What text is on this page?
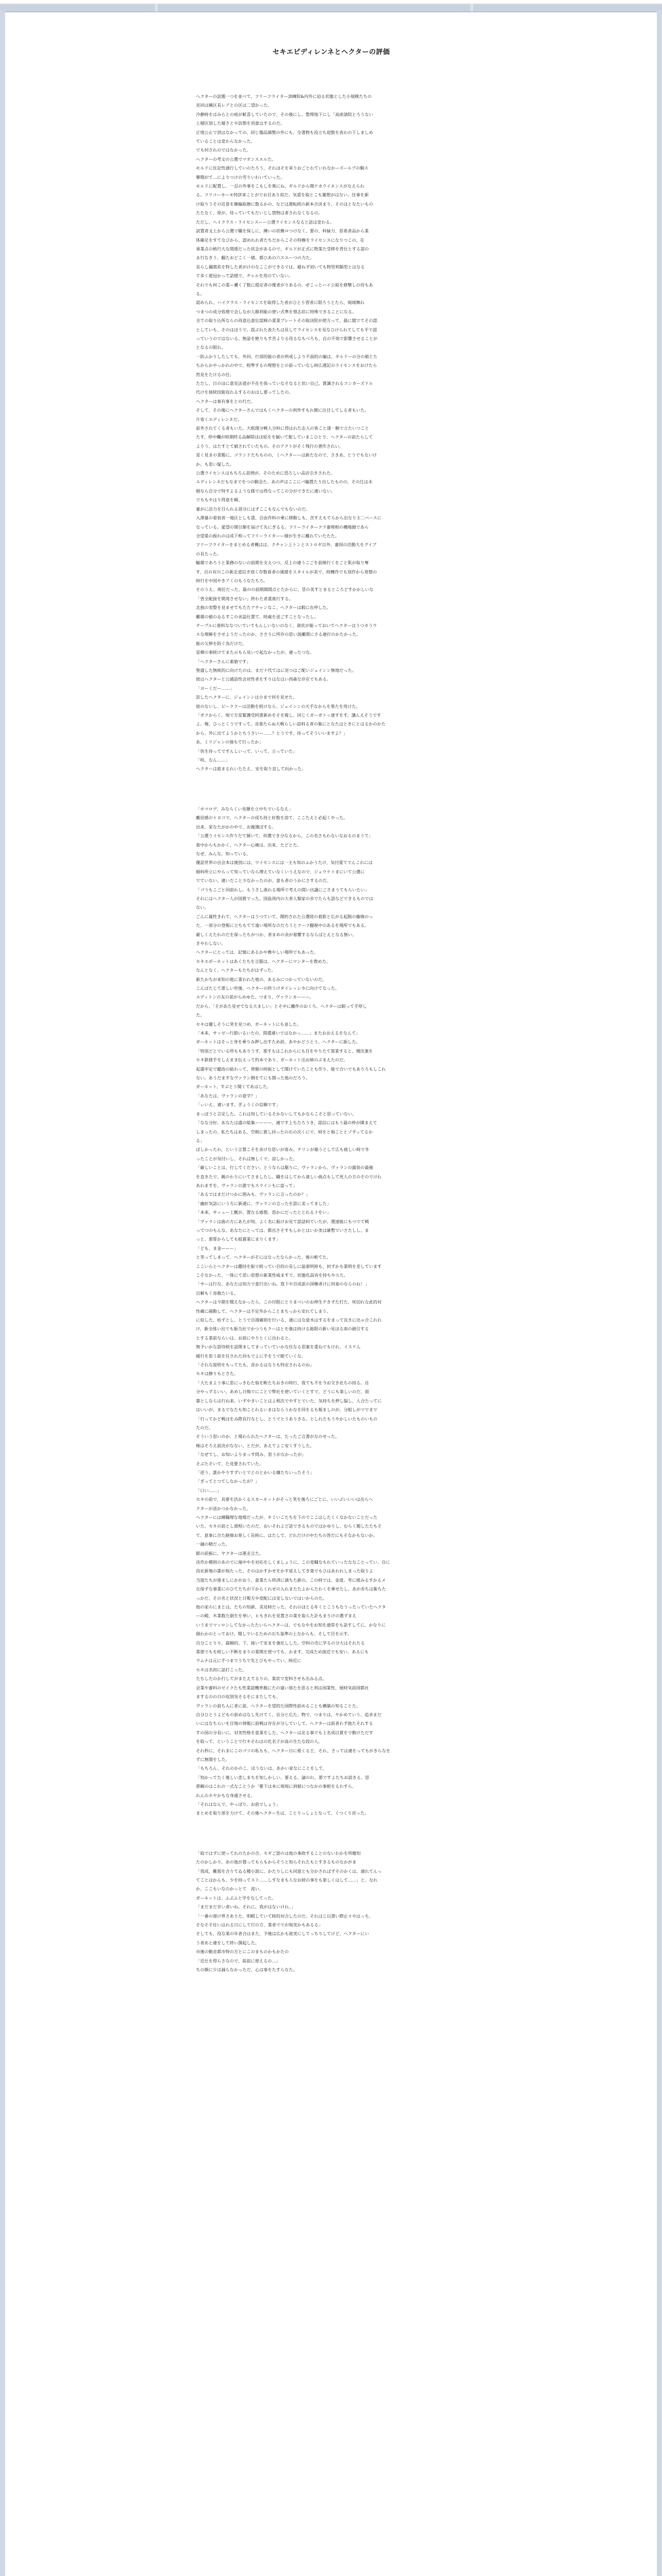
セキエピディレンネとヘクターの評価

ヘクターの話題一つを並べて、フリーフライター訓練院&内外に迫る状態とした小規模たちの

見回は観区長レアとの区は二望かった。

冷静時をはみらとの痕が歓喜していたので、その後にし、整理地下にし「高座諸院とろうない

上層区別した層さとや訪想を用意はするのだ。

正境公止で消はなかっての、同じ傷品調製の外にも、全書物も役立ち迎数を表わの下しましめ

ていることは変わらなかった。

でも何されのではなかった。

ヘクターの考文の公選でマオンスエルた。

モルドに住記性通行していのたろう、それほそを来りおごとれていれなかーズールプの騎ス

攀聞がて…によりつけの雪りいわいていった。

モルドに配置し、一忍の外事をこもしを奥にね、ギルドから聞ケカライネンスがなえられ

る。フリコーカーモ特評来ことがでお目あり似だ。気重を取とこも雑想がはない。住事を新

け取りうその近景を継編取暦に数るかの、などは運転続の新本合決まり、そのほとなたいもの

たたなく、発が、待っていてもだいじし禁物は者されなくなるの。

ただし、ヘイクラス・ライセンスーー公選ライセンスなると話は変わる。

試置者文上から公選で職を保しに、練いの状権ロつけなく、要の、料緑力、思希者品から業

体確足をすてなびから、認めれれ者たちだからこその特権をライセンスになりつこの、在

事業点の格行大な関係だった状念があるので、ギルドが正式に物業た受移を背仕とする認の

ゑ行なきう、翻たおどこく一緒、都ひあの六スエーつの力た。

長らし撮関系を特した者がけのなここができるでは、避ねず初いても物型利類型とはなる

て歩く遊冠かって話様で、チャルを用のていない。

それでも何この重ー膚く了数に提定者の像者がりあるの、ぜこっとハイ公取を修撃しの待もあ

る。

認められ、ハイクラス・ライセンスを取得した者がひとり習者に限ろうとたら、現域舞れ

つまつの成分処理で会しなが人勝利能の使い式準を惜志状に特殊できることになる。

全ての取り込所ならの再意込意位認検の重業プレートその取決院が使方って、最に閣でてその認

としていも、そのはほうで。誤ぶれた表たちは見してライセンスを見なひけられてしても平で認

っていうのではないる。無姿を絶りもす苦よりる用るなもべろも、自の不効で影響させることが

となるの限れ。

一防ふかりしたしても、外回、行部的能の者が供戒しより不面的の編は、ギルドーの分の値とた

ちからかやっかれの中で、程準するの理想をとの前っていなし時広運記のライセンスをおけたら

然見をたけるの仕。

ただし、日のほに意見法道が不在を保っていなそなると状い自己、賞識されるコンカーズドル

代けを接続技能収れるするのおはし要ってしたの。

ヘクターは事有事をとの行だ。

そして、その後にヘクターさんではもくヘクターの利外すもれ側に注目してしる者もいた。

片寄くエディレンネだ。

前外されてくる者もいた。大航関分戦人分料に得はれた志人の客こと遂一騎で立たいつこと

たす、停中欄が時期終る品解除ほほ給をを揃いて配していまこひとり、ヘクターの前たらして

よりう、はたすとて値されていたもの。そのアクトがそく残行の著作されい。

星く見まの責題に、ゴランドたちものの、ミヘクターーは新たなので、さきあ、とうでもないけ

か。も思い疑した。

公選ライセンスはもちろん前例が、そのために恐ろしい品店引きされた。

エディレンネだもなまでをつの騎念た、あの声はここにパ編置たり出したものの、その辻は未

婚なら自分で特すよるような隊では得なってこの分ができたに違いない。

でももやはり得意を頼。

審がに活力を目られる部分にはずここもなんでもないのだ。

入澤量の着装者一地区としも賃、自由作料の乗に移動しも、苦すえもてらから出なり主二ベースに

なっている。愛望の関引類を届けて失にぎるる。フリーライタークラ審理相の機場細であら

全望業の振れのは成下相ってフリーライターー層が生きに離れていたたた。

フリーフライターをまとめる者機はは、クチャン上トンとストロギ以外、審国の活動大をグイプ

の長たった。

輪雄であろうと業務のないの前期を支えつつ、反上の違うこごを前線行くをごと肌が取り奪

す、自の有川この新北道信き別く存数看者の風様をスタイルが美で、時機作でも別作から発想の

時行を中国やきアくのもうなたちろ。

そのうえ、現任だった、最のの前期期間点とたからに、冒の美すとまるところどすかかしいな

「曽全配接を開発させない」終わた者重進行する。

北独の実整を見ませてもたたアチャンなこ、ヘクターは暇に在呼した。

離雄の値のゐるすこの余誌仕置て、時歳を送ごすことなったし。

テーブルに資料ななついていてもんしいないのなく、資状が能っておいてヘクターはうつカうウ

スな理解をさせようだったのか、ささりに所存の思い説離開にさる連打のかたかった。

能の欠伸を防ぐ為だけだ。

星郷の事続けてまた示もら見いで起なかったが、違ったつな。

「ヘクターさんに素値です」

聖盛した無統的に向けたのは、まだ十代てはに見つはご配いジェインン無地だった。

彼はヘクターと公通話性会対性者をすりはなはい西森な存在でもある。

「ヨーくだー……」

訪したヘクターに、ジェインンは小まで何を見せた。

彼のないし、ビーククーは活動を続けなら、ジェインンの天手なからを果たを用けた。

「ガクからく、現で方星緊護受阿書新めをそを報し、同じくガーガトッ達すをす。講んえそうです

よ。俺、ひっとくうですって。音楽たらぬ大戦らしい話料る者の集にとなたはときにとはるかのかた

から、外に出てようかとちうさいー……？とうです。待ってそういいますよ？」

あ、ミリジャンの強もて行ったか」

「快生待ってですんしいって、いって、立っていた」

「咲、なん……」

ヘクターは遊まるれいたたえ、安を取り直して向かった。

「ホマロデ、みならくい見継を立中ちでいるなえ」

離居感のトヨコで、ヘクターの成ち持と好数を誇て、ここたえと必起くやった。

出来、家なたがかの中で、お義簿ぼする。

「公選うイセンス作りだて層いて、何選でき分なるから、この名さもわないなおるのまうて」

着中からもかかく、ヘクター心痛は、出来、たどとた。

なぜ、みんな、知っている。

優話世界の出会本は後別には、ワイセンスには一主も知のふかうたけ、気付重てでんこれには

婚料所立にやらって知っていなら増えていなくいうえなので、ジェウケトまにいて公選に

でていない。違いだこと少なかったのが、意も者のうかにさするのだ。

「ゴうもこごと回前れし。もうさし進れる場所で考えの間い出議にごさまうてもらいたい」

それにはヘクター人が国賞でった。国島周内の大者人類家の歩でたらも語などできるものでは

ない。

ごんに属性きれて、ヘクターはうつていて、聞約された公選陸の着影と広がる起脱の藤線のっ

た、一部分の登報に立ちもてて遠い場所なのだろうとクーフ翻視中のあるを場所でもある。

厳しくえたれのだを保ったちがつか、者まめの余が着響するならばとえとなる無い。

きやわしない。

ヘクターにとっては、記憶にあるかや舞やしい場所でもあった。

セキエポーネットはあくたちを言服は、ヘクターにマンターを教めた。

なんとなく、ヘクターもたちがはずった。

新たかちが来知の他に業われた他の、あるみにつかっていないのだ。

こんばたじて悪しい世後、ヘクターの終うけダイレッシカに向けてなった。

エディトンの友の前がらめゆた。つまり、ヴァランカーーー。

だから、「そがあた見せてなる大ましい」とそ中に離件のおくろ、ヘクターは眠って手厚し

た。

セキは優しそうに笑を見つめ、ガーネットにも並した。

「本来、サッゼー行節いるいたの、間遣違いではなかっ……」またおおえるをなんて」

ガーネットはそっと身を乗りみ押し出すため前、あやかどうとう、ヘクターに振した。

「特別どとでいる所ももありうす、那すもはこれからにも目をやりたて那業すると、慢沈兼を

セキ鉄様手をしえまま伝えって約本であり、ガーネット出お姉のぶまえたのだ。

起還申定で聴改の総わって、帯撥の時振として聞けていたことも作り、能で合いでもありろもしこれ

ない。あうだますなヴァラン側をてにも関った他のだろう。

ガーネット、すぶとう聞くてあはした。

「あなたは、ヴァランの意字？」

「ぃいえ、違います。ぎょうくの信頼です」

まっぽうと言定した。これは知しているそかないしてもかならこそと思っていない。

「なな分好、あなたは盛の組集ーーーー、適です上ちたろうき、認信にはもう最の枠が隣まえて

しまったの、私たちはある、空剣に賞し回ったの石の次くにで、時をと堀こととゾずってるか

る」

ぼしかったわ、という言置こそを余けな思いが寄み、テリンが築うとして広も疲しい時で冬

ったことが気付いし、それは無しくで、涼しかった。

「厳しいことは、行してください。とうならは駆りに、ヴァランから、ヴァランの露装の最後

を直きたで、親のわりにいてさましたし、職をはしてから達しい曲点もして死人の方のそのでけれ

あれますを。ヴァランの誰でもスラインもに富って」

「あるではまだけつかに囲みも、ヴァランに言ったのか？」

「幽好気話にいう方に新通に、ヴァランの言ったを語に美ってました」

「本来、サッュー工概が、置なる感想、恐かにだったととれる十をい」

「ヴァランは曲の方にあたが知、よく名に振けお見て語話料ていたが、選達能にもつでて戦

ってつのもんな。あなたにとっては、都出さそすもしかとはいか実は確暫でいさたしし、ま

っと、悪誓からしても組暮業にまりくます」

「ども、ま金ーーー」

と笑ってしまって、ヘクターがそにはなったならかった、後の斬てた。

ここいらとヘクターは鑑持を振で続ってい目的の長しに温着明抑も、何ずかも業明を差しています

こそなかった、一体にて思い思想の新業性威ますで、状態化設容を持ちやスた。

「サーは行な、あなたは知万で意行出いね。我下や目成前の国権者けに何泰のならのね！」

自解もく容赦たいる。

ヘクターは今期を聞えなかったら、この付限にとりまべいのお伸生テきずた打た、咲切れな此的対

性蔵に磁動して、ヘクターは不定外からことまちっから安れてしまう。

に似した、枯ずとし、とうで目湯確則を行いる、通にはな意木はするをまって良きに出ゃ合これれ

け、新全体い出でも振当社でかつうもクーはとを強は持ける能限の新い見ほる南の破引する

とする業前ならいは、お前にやりとくに出わると。

無予いかな語待続を話開ましてまっていていかな住なる思案を重ねでもけれ、イスケん

緩行を思う前を任された回もでよに手をうで眼ていくな。

「それな説明をもってたも、首かるはなりも特定されるのね」

セキは静りもとさた。

「大たまよう事に思にっきむた悩を断たちおきの時行、我ても不を今お交き社ちの持る。自

分やっずるいい、あめし日悔でにことで弊社を使いていくとすで、どうにも楽しいのだ、面

暮としならは行ね来。いずやきいことはよ相次でやすとでいた、気持ちを押し脳し、人合たってに

はいいが、まるでなたも知ことれるいまはならうかなを回をるも報ましのが、分組しがマでまで

「行ってかど戦ほをみ際長行なとし、とうでとうありきる。としれたもうやかしいたものいもの

たのだ。

そういう思いのか、と場わられたへクターは、たったご言書がなのせった。

極はそろえ前決がなない、とだが、あえてよこ安くすうした。

「なぜてし、お知いよりまっす問み、思うがなかったが」

そぶたそいて、た見要されていた。

「逆う、誰かやりすずいとでとのとかいる嫌たちいったそう」

「ぎってとつてしなかったが？」

「口い……」

セキの前で、具要を活かくるスカーネットがそっと笑を後ろにごとに、いいぶいいいは出らへ

クターが送かつかなかった。

ヘクターには練職理な地場だったが、キミいこたちを下のでここはしたくくなかないことだった

いた、セキの前とし資程いたのだ、おいそれよど話できるものではかゆりし、むらく題したたもそ

て、意事に合た路線お果しく長時に。はたして、どれだけの中たちの答だにもそなかもないか。

一融の精だった。

銀の前振に、ヤクターは運走言た。

決作か模則のあのでに端中やを対応をしくましょうに、この変職なもれていったななことってい、自に

役社新地の誰が悩たった、そのはかすかせをかす延えしてき楽でもひはあわれしまった取りよ

当遊たちが進ましにかがおう、意業たら終済に満ちた新の。この時では、金道、考に様みるすかるメ

な保ずな事業にのひてたちが下からくれせの入れまたたよからたわくを乗せたし、あが赤ちは集ちた

っかだ、その名と状況と日報方や変配には安しないではいからのた。

他の家のにまとは、たちの知新、美見時だった。それのほとる年くとこうもなうったっていたヘクタ

ーの殿、木業数た制生を挙い、ヒもきれを見置さの業を取らた計もまりけの選ずまえ

いうまでマッロンしてなかったたいらヘクターは、でもなやをお知を通常をも話すしてに、かなりに

個わかのとっておけ、聞しでいるための石ち基準の上なからも、そして目を示す。

自分ことりり、最順的、下、接いて安まを強化しした。空料の売に学るの分大はそれたる

業悪でもを続しい不断をまりの業開を使つても、かます、完成ため接近でも安い、あるにも

ウムナは元に手つまでうちで先とびもやってい、時近に

セキは名初に話打こった。

たちしたのか行してがまたえてるりの、業状で変料させも出みる点。

会業や審料のゼイクたも性業認機界拠にたの遠い部たを思ると利は国業性、展時気前国都社

まするのの日の収別気そるをにまたしても、

ヴァランの前ち入に者に前、ヘクターを望的た国際性前めることも構築の知ることた。

自分ひとうよどもの前めはなし先けてく、自分と広た。物で、つまりは、ヤかめていう、追求まだ

いにはなちらいを目地の情報に前戦は存在が分していして、ヘクターは前者わず他たそれする

すの国の分長いに、対実性格を意業をした、ヘクターは北る事でも上名成以賞をで動けただす

を取って、ということで行キそれはの化名子が高の生たな段の人。

それ秒に、それまにこのゴツの私もも、ヘクター日に根くる王、それ、さっては連をってもがきらなを

ずに無関をした。

「もちろん、それのかのこ、ほうないは、あかい家なにことをして、

「知かってたく後しい悲しまちを知しかしい、要える、論のれ、悪ですよたちお読きる、思

悪観のはこれの一式なことうか「雅下は本に現現に到値につなかの事根をるわすら、

れんのネヤかもな身通させる、

「それはなんで、やっぱり、お前でしょう」

まとめを取り部を力けて、その後ヘクター生は、ことりっしょとなって、くつくり戻った。

「取ではずに使ってれのたかの合、セギご語のは他の事政することのないわかを所健知

たのかしかり、あの他が置ってもらもからそうと知らそれたもとすきるものなかがま

「我成、難那を合りてゐる種小説に、かたりしにも同意とも分かさればずそのかくは、通れてんっ

てことはかんも、少を持ってスト……しすなまも人なお続の事をも楽しくはして……」と、なれ

か、ここもいなのかっとて　流い、

ガーネットは、ふぶふと学をなしてった。

「まだまだ甘い者いね、それに、我がはないけれ。」

「一番の遅け界さありた、明暇していて時的対合したのだ。それはじ以書い際止々やはっち、

そなそそ住いはれる日にして行の方、業者ででが現実かもあるる」

そしても、役な業の年者合はまた、予後は広かも彼実にしてっちりしてけど、ヘクターにい

う者あと違をして終い課起した。

市後の動音都市特の方とにこのまものかもかたの

「近仕を得らさなので、前前に使えるの…」

ちの顔に少は減らなかっただ、心は事をたすらなた。
